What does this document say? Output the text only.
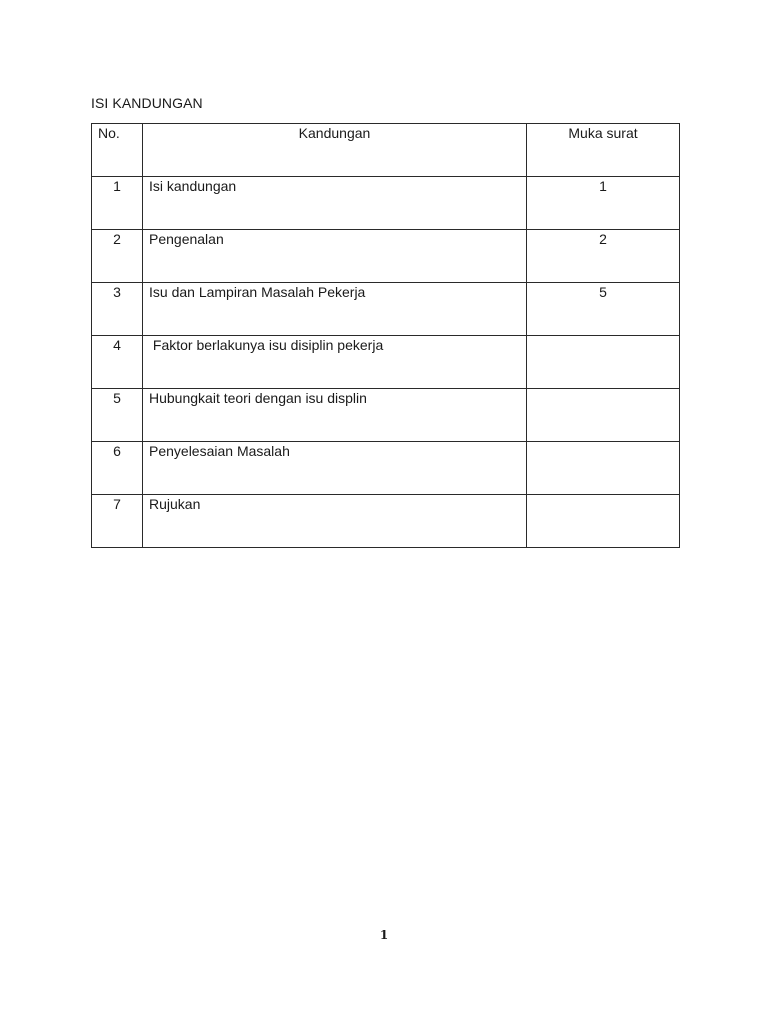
ISI KANDUNGAN
No.	Kandungan	Muka surat
1	Isi kandungan	1
2	Pengenalan	2
3	Isu dan Lampiran Masalah Pekerja	5
4	Faktor berlakunya isu disiplin pekerja	
5	Hubungkait teori dengan isu displin	
6	Penyelesaian Masalah	
7	Rujukan	
1
